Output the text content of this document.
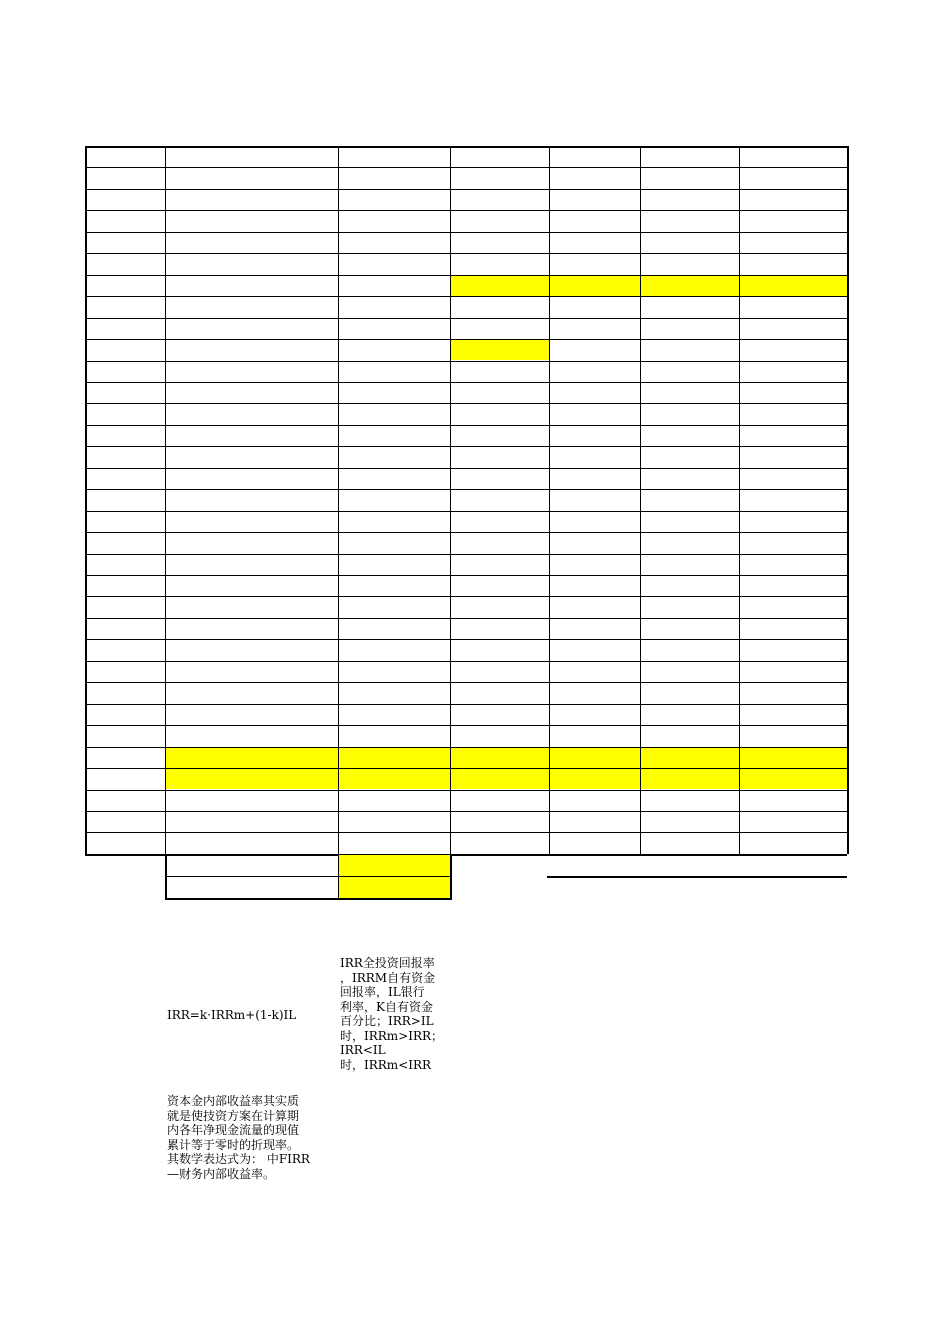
IRR=k·IRRm+(1-k)IL
IRR全投资回报率
，IRRM自有资金
回报率，IL银行
利率，K自有资金
百分比；IRR>IL
时，IRRm>IRR；
IRR<IL
时，IRRm<IRR
资本金内部收益率其实质
就是使技资方案在计算期
内各年净现金流量的现值
累计等于零时的折现率。
其数学表达式为： 中FIRR
—财务内部收益率。
